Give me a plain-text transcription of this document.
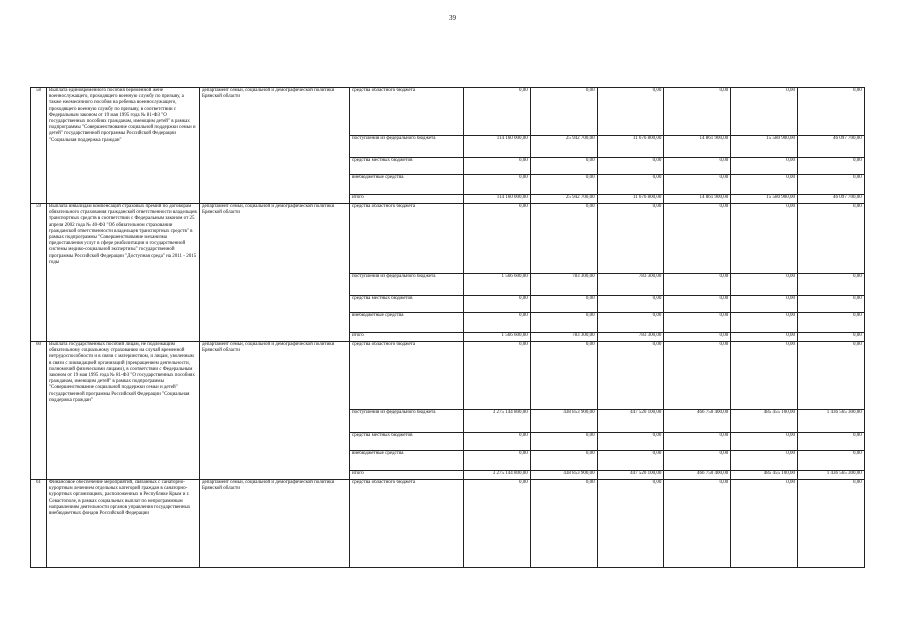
39
58	Выплата единовременного пособия беременной жене военнослужащего, проходящего военную службу по призыву, а также ежемесячного пособия на ребенка военнослужащего, проходящего военную службу по призыву, в соответствии с Федеральным законом от 19 мая 1995 года № 81-ФЗ "О государственных пособиях гражданам, имеющим детей" в рамках подпрограммы "Совершенствование социальной поддержки семьи и детей" государственной программы Российской Федерации "Социальная поддержка граждан"	департамент семьи, социальной и демографической политики Брянской области	средства областного бюджета	0,00	0,00	0,00	0,00	0,00	0,00
			поступления из федерального бюджета	114 160 000,00	25 942 700,00	11 676 800,00	14 861 900,00	15 580 900,00	46 097 700,00
			средства местных бюджетов	0,00	0,00	0,00	0,00	0,00	0,00
			внебюджетные средства	0,00	0,00	0,00	0,00	0,00	0,00
			итого	114 160 000,00	25 942 700,00	11 676 800,00	14 861 900,00	15 580 900,00	46 097 700,00
59	Выплата инвалидам компенсаций страховых премий по договорам обязательного страхования гражданской ответственности владельцев транспортных средств в соответствии с Федеральным законом от 25 апреля 2002 года № 40-ФЗ "Об обязательном страховании гражданской ответственности владельцев транспортных средств" в рамках подпрограммы "Совершенствование механизма предоставления услуг в сфере реабилитации и государственной системы медико-социальной экспертизы" государственной программы Российской Федерации "Доступная среда" на 2011 - 2015 годы	департамент семьи, социальной и демографической политики Брянской области	средства областного бюджета	0,00	0,00	0,00	0,00	0,00	0,00
			поступления из федерального бюджета	1 566 600,00	783 300,00	783 300,00	0,00	0,00	0,00
			средства местных бюджетов	0,00	0,00	0,00	0,00	0,00	0,00
			внебюджетные средства	0,00	0,00	0,00	0,00	0,00	0,00
			итого	1 566 600,00	783 300,00	783 300,00	0,00	0,00	0,00
60	Выплата государственных пособий лицам, не подлежащим обязательному социальному страхованию на случай временной нетрудоспособности и в связи с материнством, и лицам, уволенным в связи с ликвидацией организаций (прекращением деятельности, полномочий физическими лицами), в соответствии с Федеральным законом от 19 мая 1995 года № 81-ФЗ "О государственных пособиях гражданам, имеющим детей" в рамках подпрограммы "Совершенствование социальной поддержки семьи и детей" государственной программы Российской Федерации "Социальная поддержка граждан"	департамент семьи, социальной и демографической политики Брянской области	средства областного бюджета	0,00	0,00	0,00	0,00	0,00	0,00
			поступления из федерального бюджета	3 275 144 800,00	438 853 900,00	447 520 100,00	466 750 400,00	485 455 100,00	1 436 565 300,00
			средства местных бюджетов	0,00	0,00	0,00	0,00	0,00	0,00
			внебюджетные средства	0,00	0,00	0,00	0,00	0,00	0,00
			итого	3 275 144 800,00	438 853 900,00	447 520 100,00	466 750 400,00	485 455 100,00	1 436 565 300,00
61	Финансовое обеспечение мероприятий, связанных с санаторно-курортным лечением отдельных категорий граждан в санаторно-курортных организациях, расположенных в Республике Крым и г. Севастополе, в рамках социальных выплат по непрограммным направлениям деятельности органов управления государственных внебюджетных фондов Российской Федерации	департамент семьи, социальной и демографической политики Брянской области	средства областного бюджета	0,00	0,00	0,00	0,00	0,00	0,00
